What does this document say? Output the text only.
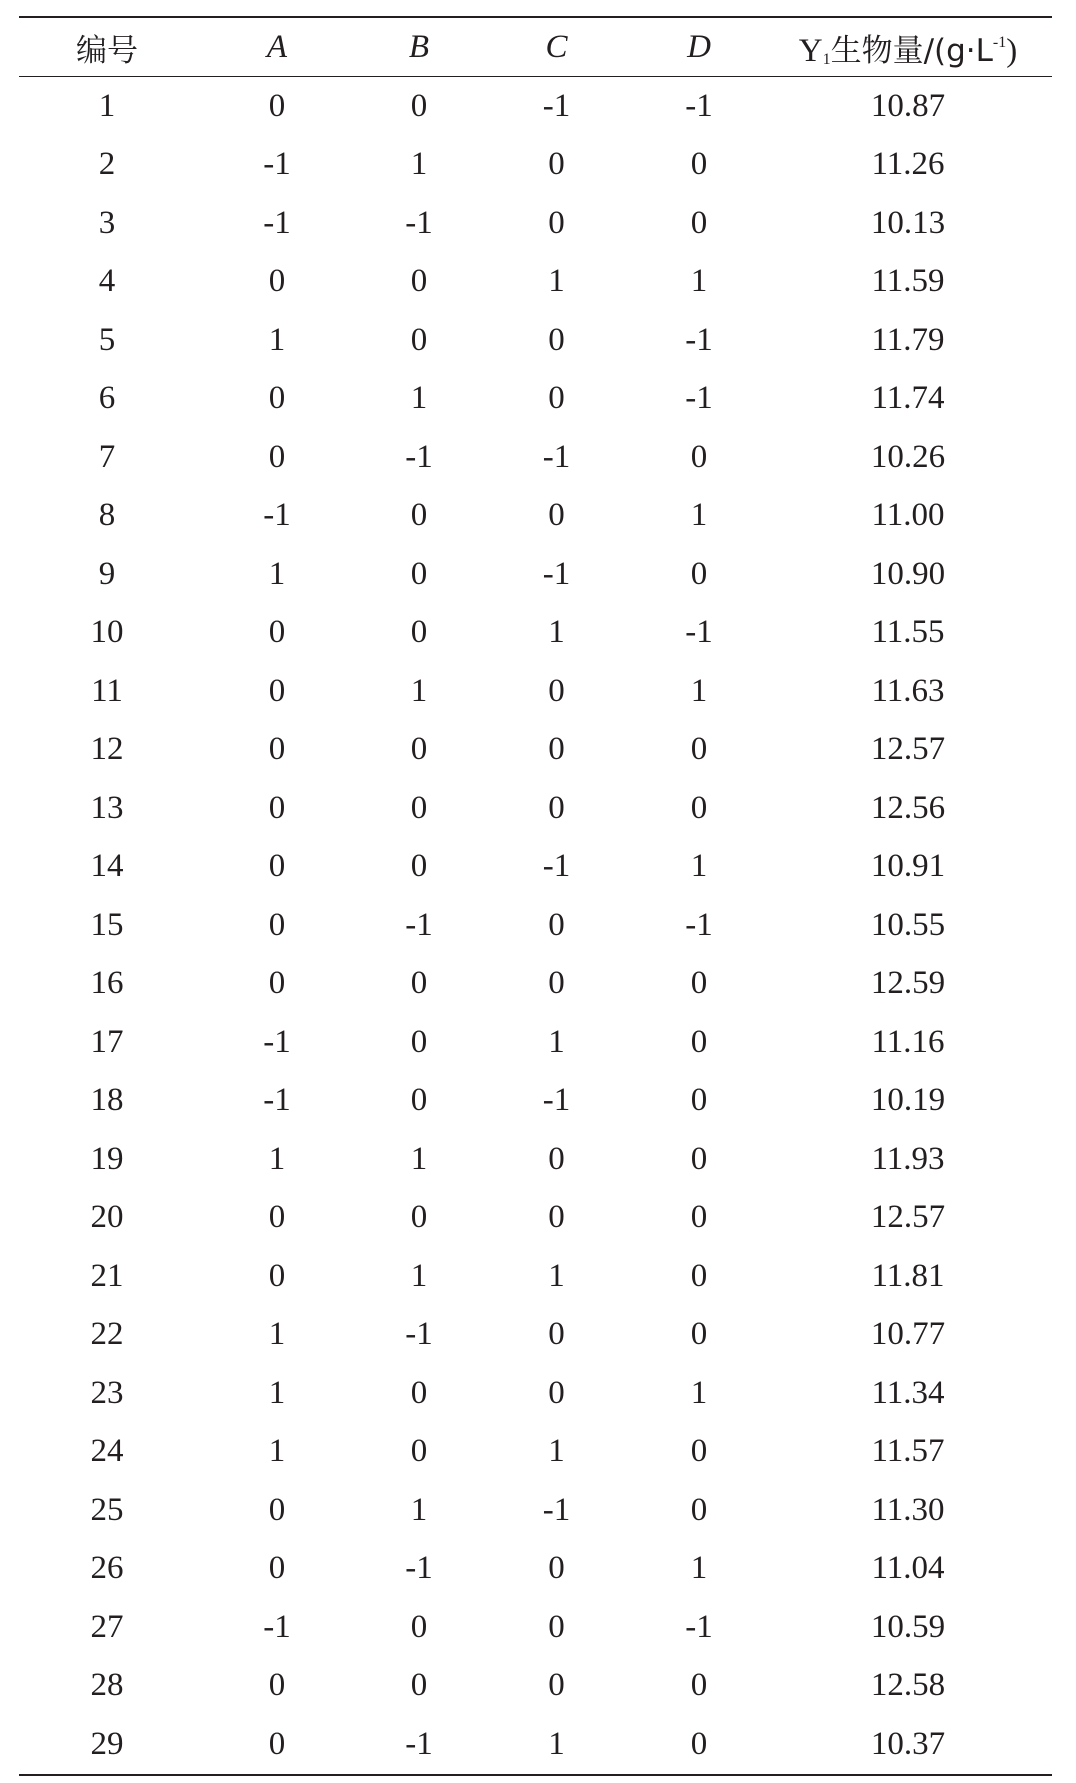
编号	A	B	C	D	Y1生物量$/(g\cdot L^{-1})$
1	0	0	-1	-1	10.87
2	-1	1	0	0	11.26
3	-1	-1	0	0	10.13
4	0	0	1	1	11.59
5	1	0	0	-1	11.79
6	0	1	0	-1	11.74
7	0	-1	-1	0	10.26
8	-1	0	0	1	11.00
9	1	0	-1	0	10.90
10	0	0	1	-1	11.55
11	0	1	0	1	11.63
12	0	0	0	0	12.57
13	0	0	0	0	12.56
14	0	0	-1	1	10.91
15	0	-1	0	-1	10.55
16	0	0	0	0	12.59
17	-1	0	1	0	11.16
18	-1	0	-1	0	10.19
19	1	1	0	0	11.93
20	0	0	0	0	12.57
21	0	1	1	0	11.81
22	1	-1	0	0	10.77
23	1	0	0	1	11.34
24	1	0	1	0	11.57
25	0	1	-1	0	11.30
26	0	-1	0	1	11.04
27	-1	0	0	-1	10.59
28	0	0	0	0	12.58
29	0	-1	1	0	10.37
